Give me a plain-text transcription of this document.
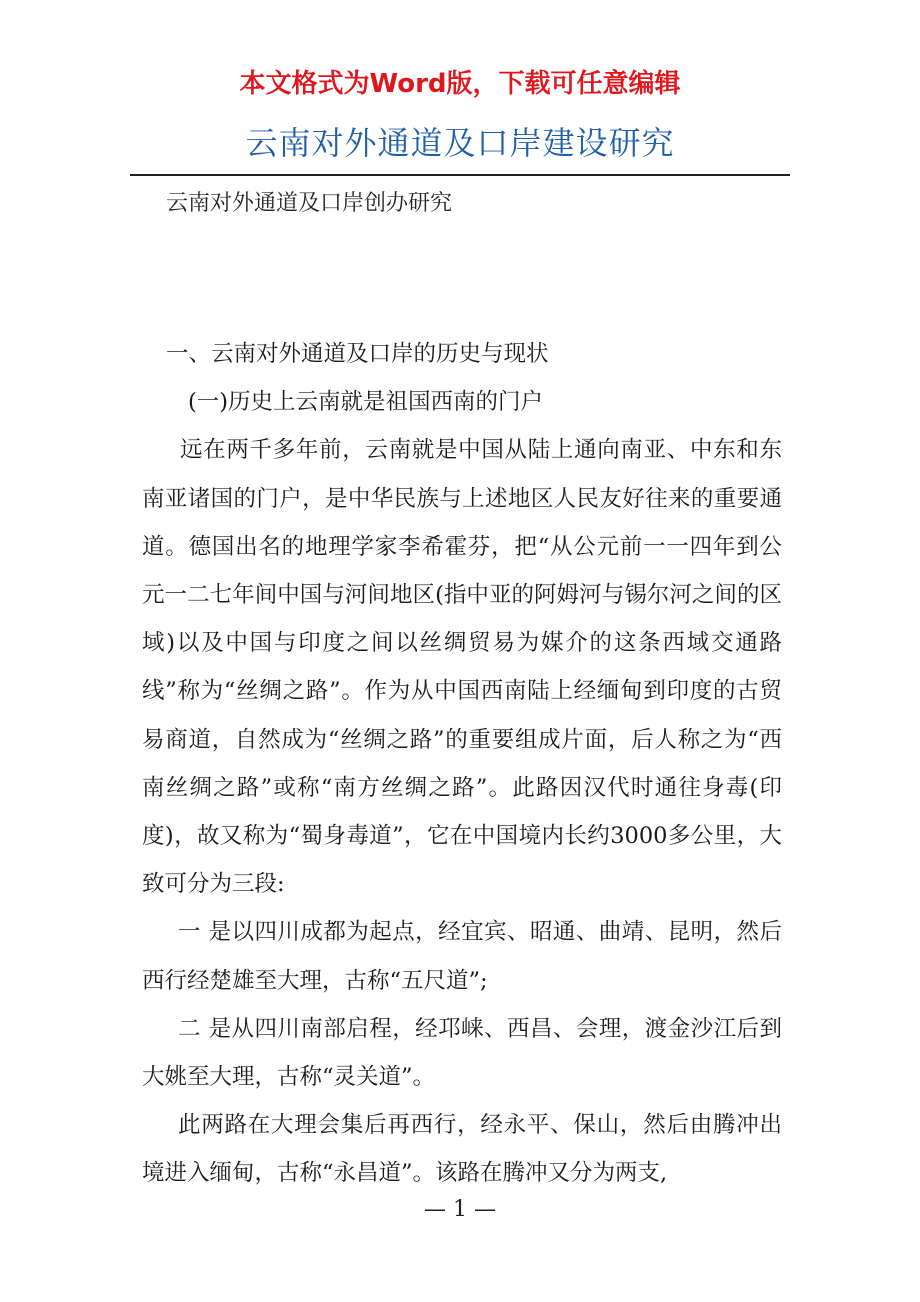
本文格式为Word版，下载可任意编辑
云南对外通道及口岸建设研究
云南对外通道及口岸创办研究

一、云南对外通道及口岸的历史与现状

(一)历史上云南就是祖国西南的门户

远在两千多年前，云南就是中国从陆上通向南亚、中东和东南亚诸国的门户，是中华民族与上述地区人民友好往来的重要通道。德国出名的地理学家李希霍芬，把“从公元前一一四年到公元一二七年间中国与河间地区(指中亚的阿姆河与锡尔河之间的区域)以及中国与印度之间以丝绸贸易为媒介的这条西域交通路线”称为“丝绸之路”。作为从中国西南陆上经缅甸到印度的古贸易商道，自然成为“丝绸之路”的重要组成片面，后人称之为“西南丝绸之路”或称“南方丝绸之路”。此路因汉代时通往身毒(印度)，故又称为“蜀身毒道”，它在中国境内长约3000多公里，大致可分为三段:

一 是以四川成都为起点，经宜宾、昭通、曲靖、昆明，然后西行经楚雄至大理，古称“五尺道”;

二 是从四川南部启程，经邛崃、西昌、会理，渡金沙江后到大姚至大理，古称“灵关道”。

此两路在大理会集后再西行，经永平、保山，然后由腾冲出境进入缅甸，古称“永昌道”。该路在腾冲又分为两支,

— 1 —
